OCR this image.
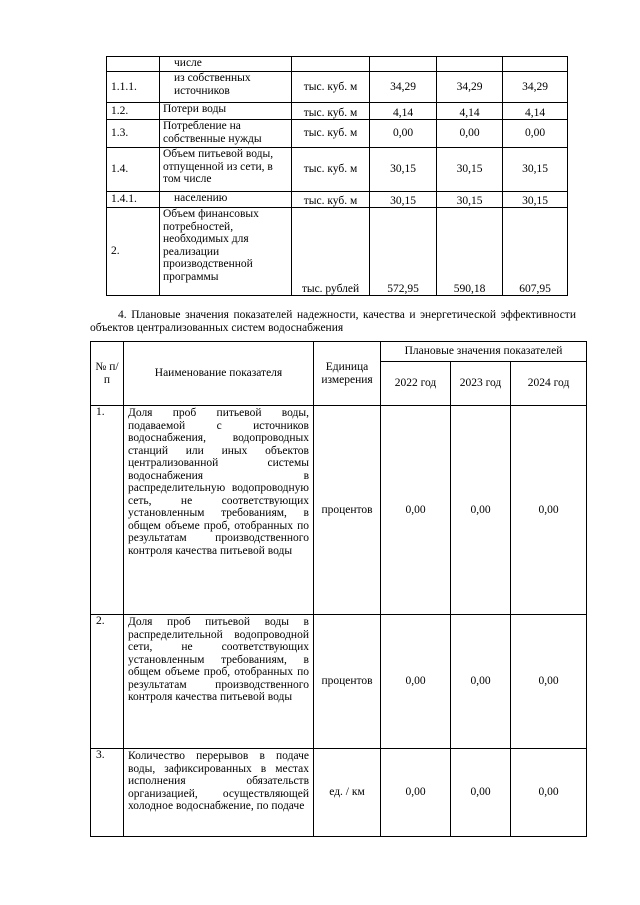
	числе				
1.1.1.	из собственных источников	тыс. куб. м	34,29	34,29	34,29
1.2.	Потери воды	тыс. куб. м	4,14	4,14	4,14
1.3.	Потребление на собственные нужды	тыс. куб. м	0,00	0,00	0,00
1.4.	Объем питьевой воды, отпущенной из сети, в том числе	тыс. куб. м	30,15	30,15	30,15
1.4.1.	населению	тыс. куб. м	30,15	30,15	30,15
2.	Объем финансовых потребностей, необходимых для реализации производственной программы	тыс. рублей	572,95	590,18	607,95

4. Плановые значения показателей надежности, качества и энергетической эффективности объектов централизованных систем водоснабжения

№ п/п	Наименование показателя	Единица измерения	Плановые значения показателей		
			2022 год	2023 год	2024 год
1.	Доля проб питьевой воды, подаваемой с источников водоснабжения, водопроводных станций или иных объектов централизованной системы водоснабжения в распределительную водопроводную сеть, не соответствующих установленным требованиям, в общем объеме проб, отобранных по результатам производственного контроля качества питьевой воды	процентов	0,00	0,00	0,00
2.	Доля проб питьевой воды в распределительной водопроводной сети, не соответствующих установленным требованиям, в общем объеме проб, отобранных по результатам производственного контроля качества питьевой воды	процентов	0,00	0,00	0,00
3.	Количество перерывов в подаче воды, зафиксированных в местах исполнения обязательств организацией, осуществляющей холодное водоснабжение, по подаче	ед. / км	0,00	0,00	0,00
